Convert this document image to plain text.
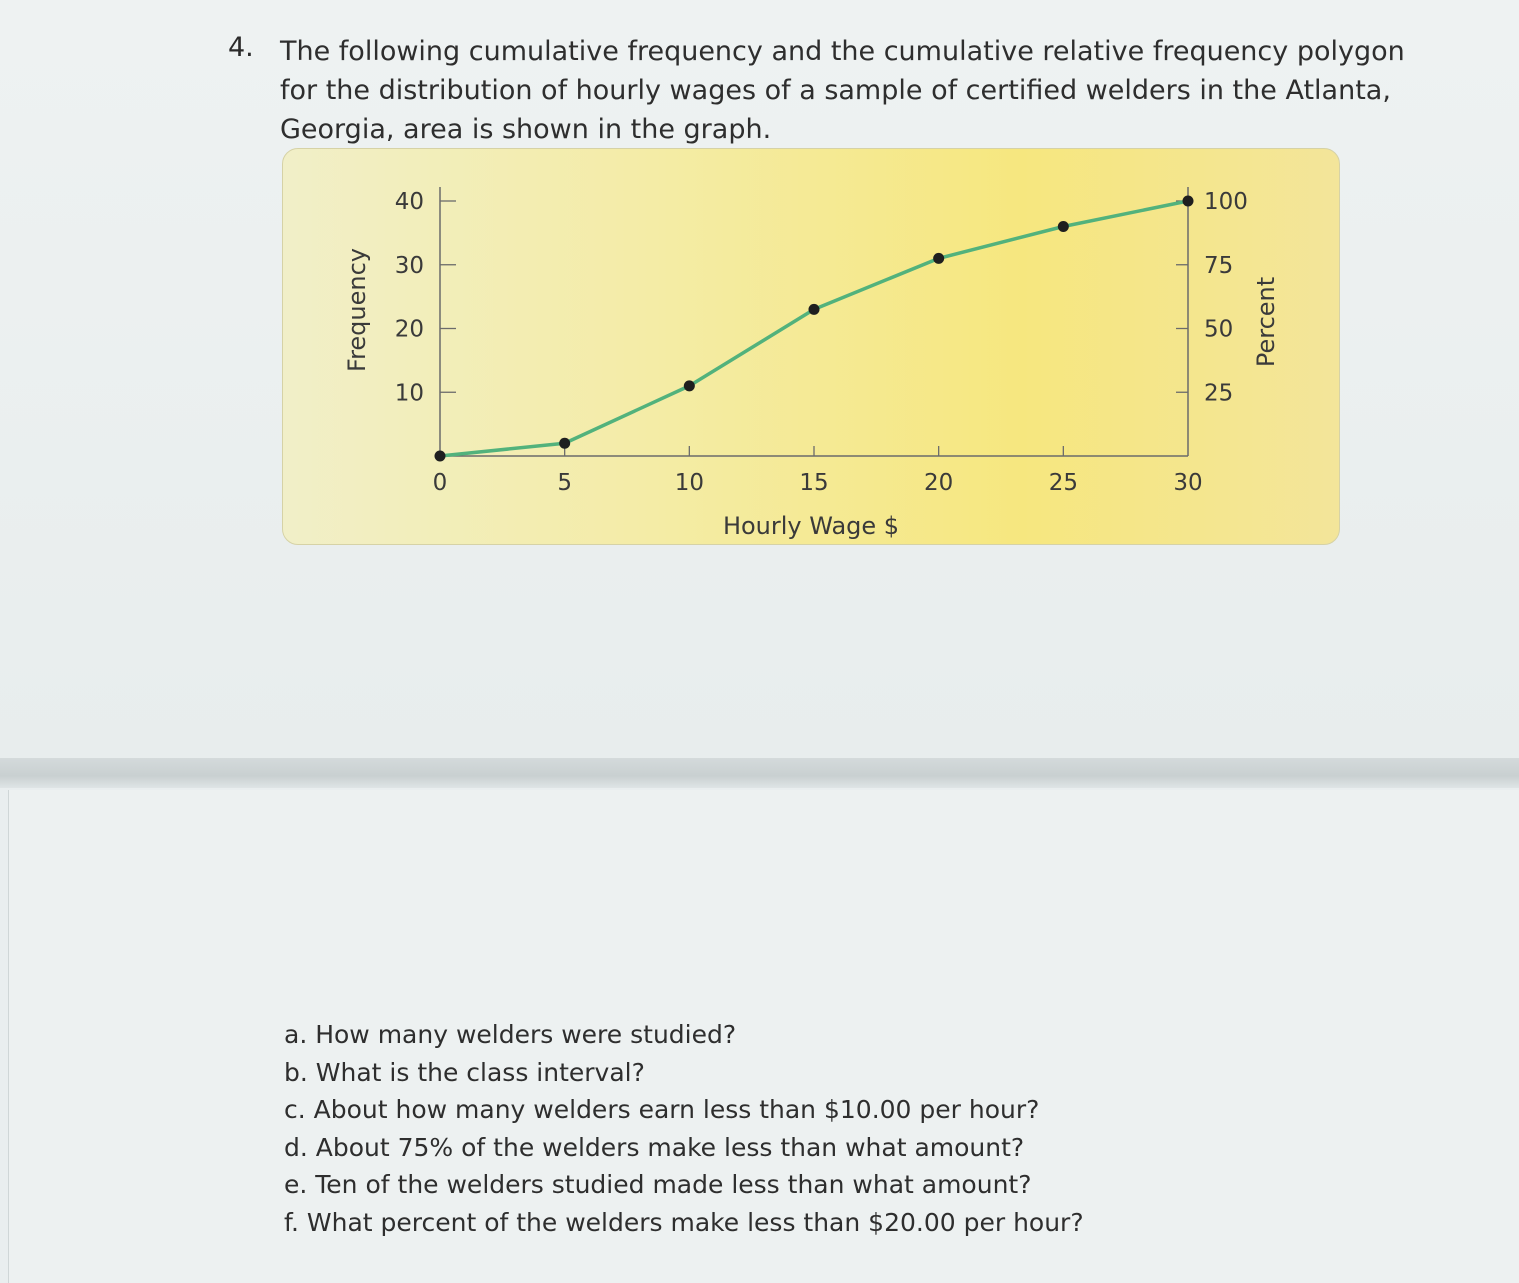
4. The following cumulative frequency and the cumulative relative frequency polygon for the distribution of hourly wages of a sample of certified welders in the Atlanta, Georgia, area is shown in the graph.
Hourly Wage $
Frequency	Percent
0	5	10	15	20	25	30
10
20
30
40
25
50
75
100
a. How many welders were studied?
b. What is the class interval?
c. About how many welders earn less than $10.00 per hour?
d. About 75% of the welders make less than what amount?
e. Ten of the welders studied made less than what amount?
f. What percent of the welders make less than $20.00 per hour?
